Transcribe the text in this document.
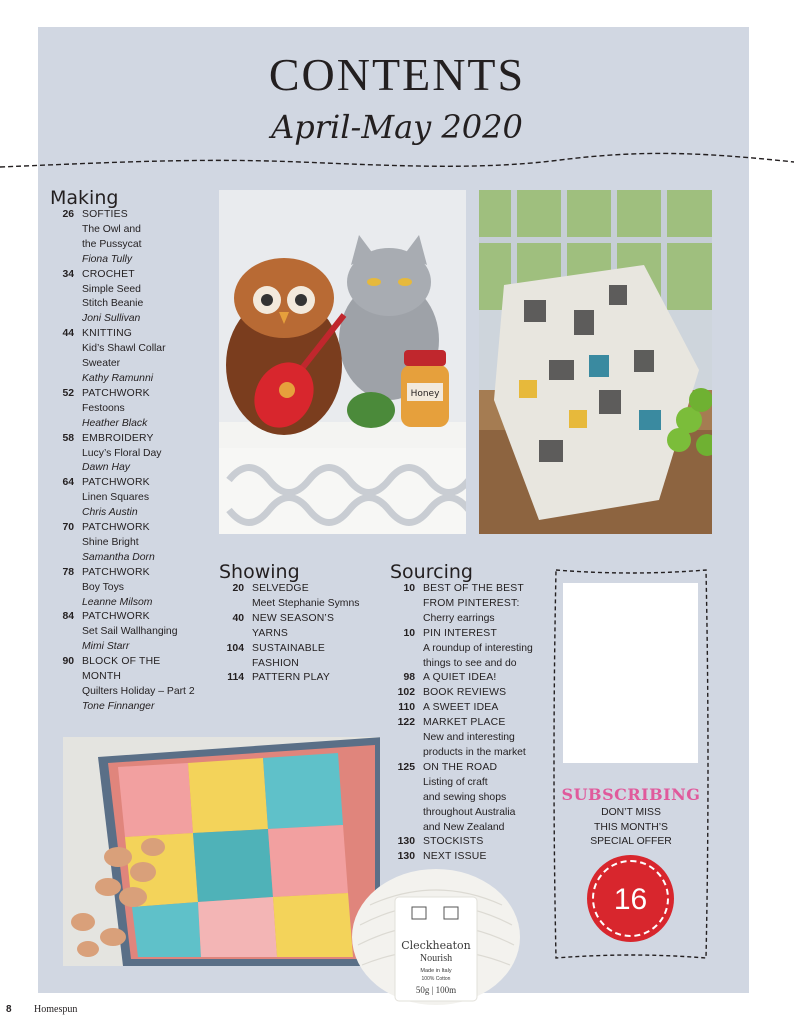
CONTENTS
April-May 2020
Making
26 SOFTIES
The Owl and
the Pussycat
Fiona Tully
34 CROCHET
Simple Seed
Stitch Beanie
Joni Sullivan
44 KNITTING
Kid’s Shawl Collar
Sweater
Kathy Ramunni
52 PATCHWORK
Festoons
Heather Black
58 EMBROIDERY
Lucy’s Floral Day
Dawn Hay
64 PATCHWORK
Linen Squares
Chris Austin
70 PATCHWORK
Shine Bright
Samantha Dorn
78 PATCHWORK
Boy Toys
Leanne Milsom
84 PATCHWORK
Set Sail Wallhanging
Mimi Starr
90 BLOCK OF THE
MONTH
Quilters Holiday – Part 2
Tone Finnanger
Honey
Showing
20 SELVEDGE
Meet Stephanie Symns
40 NEW SEASON’S
YARNS
104 SUSTAINABLE
FASHION
114 PATTERN PLAY
Sourcing
10 BEST OF THE BEST
FROM PINTEREST:
Cherry earrings
10 PIN INTEREST
A roundup of interesting
things to see and do
98 A QUIET IDEA!
102 BOOK REVIEWS
110 A SWEET IDEA
122 MARKET PLACE
New and interesting
products in the market
125 ON THE ROAD
Listing of craft
and sewing shops
throughout Australia
and New Zealand
130 STOCKISTS
130 NEXT ISSUE
SUBSCRIBING
DON’T MISS
THIS MONTH’S
SPECIAL OFFER
16
Cleckheaton
Nourish
Made in Italy
100% Cotton
50g | 100m
8 Homespun
